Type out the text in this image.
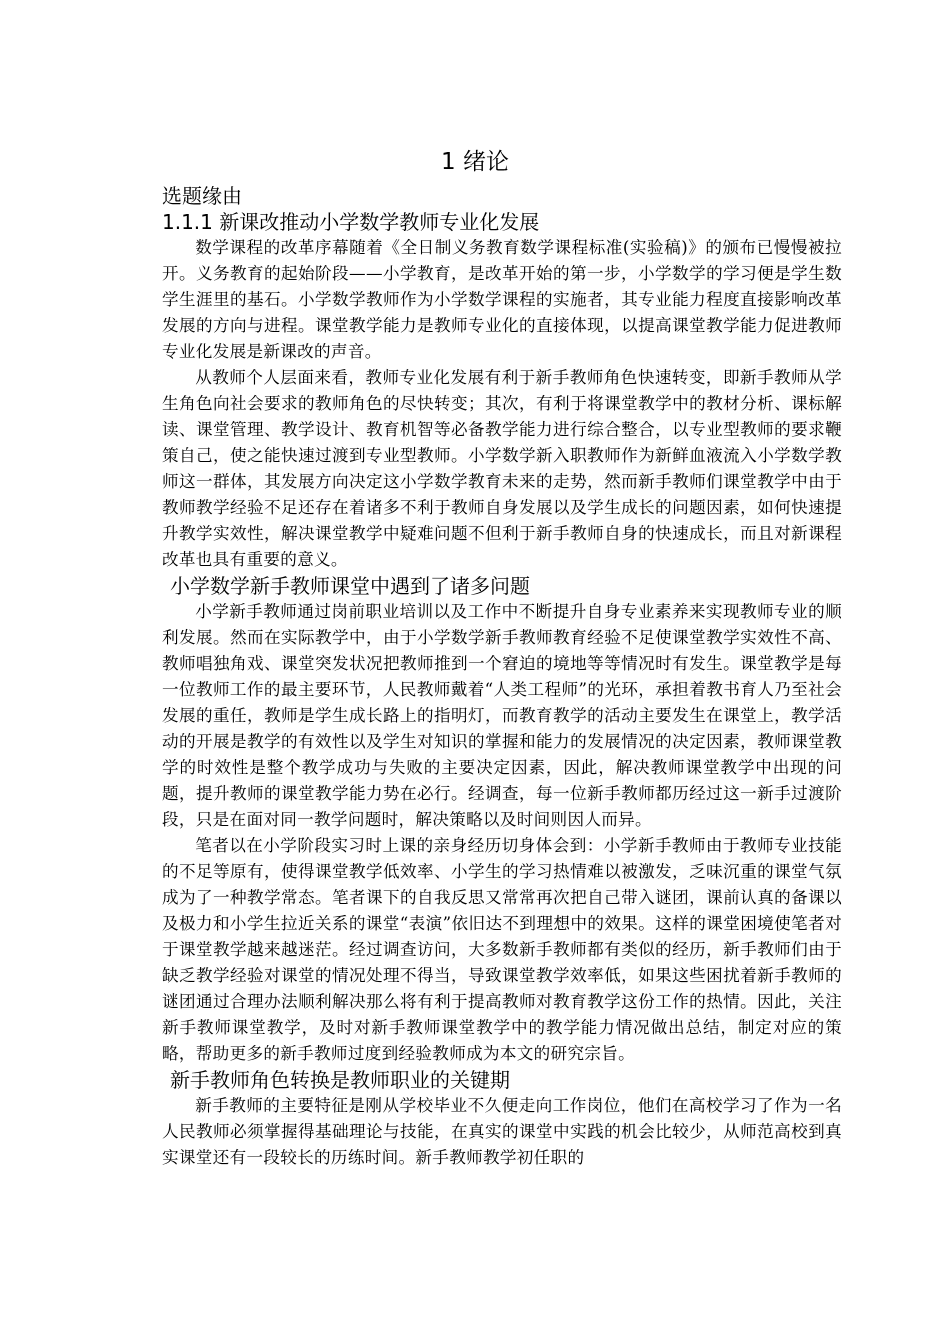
1 绪论
选题缘由
1.1.1 新课改推动小学数学教师专业化发展

数学课程的改革序幕随着《全日制义务教育数学课程标准(实验稿)》的颁布已慢慢被拉开。义务教育的起始阶段——小学教育，是改革开始的第一步，小学数学的学习便是学生数学生涯里的基石。小学数学教师作为小学数学课程的实施者，其专业能力程度直接影响改革发展的方向与进程。课堂教学能力是教师专业化的直接体现，以提高课堂教学能力促进教师专业化发展是新课改的声音。

从教师个人层面来看，教师专业化发展有利于新手教师角色快速转变，即新手教师从学生角色向社会要求的教师角色的尽快转变；其次，有利于将课堂教学中的教材分析、课标解读、课堂管理、教学设计、教育机智等必备教学能力进行综合整合，以专业型教师的要求鞭策自己，使之能快速过渡到专业型教师。小学数学新入职教师作为新鲜血液流入小学数学教师这一群体，其发展方向决定这小学数学教育未来的走势，然而新手教师们课堂教学中由于教师教学经验不足还存在着诸多不利于教师自身发展以及学生成长的问题因素，如何快速提升教学实效性，解决课堂教学中疑难问题不但利于新手教师自身的快速成长，而且对新课程改革也具有重要的意义。

小学数学新手教师课堂中遇到了诸多问题

小学新手教师通过岗前职业培训以及工作中不断提升自身专业素养来实现教师专业的顺利发展。然而在实际教学中，由于小学数学新手教师教育经验不足使课堂教学实效性不高、教师唱独角戏、课堂突发状况把教师推到一个窘迫的境地等等情况时有发生。课堂教学是每一位教师工作的最主要环节，人民教师戴着“人类工程师”的光环，承担着教书育人乃至社会发展的重任，教师是学生成长路上的指明灯，而教育教学的活动主要发生在课堂上，教学活动的开展是教学的有效性以及学生对知识的掌握和能力的发展情况的决定因素，教师课堂教学的时效性是整个教学成功与失败的主要决定因素，因此，解决教师课堂教学中出现的问题，提升教师的课堂教学能力势在必行。经调查，每一位新手教师都历经过这一新手过渡阶段，只是在面对同一教学问题时，解决策略以及时间则因人而异。

笔者以在小学阶段实习时上课的亲身经历切身体会到：小学新手教师由于教师专业技能的不足等原有，使得课堂教学低效率、小学生的学习热情难以被激发，乏味沉重的课堂气氛成为了一种教学常态。笔者课下的自我反思又常常再次把自己带入谜团，课前认真的备课以及极力和小学生拉近关系的课堂“表演”依旧达不到理想中的效果。这样的课堂困境使笔者对于课堂教学越来越迷茫。经过调查访问，大多数新手教师都有类似的经历，新手教师们由于缺乏教学经验对课堂的情况处理不得当，导致课堂教学效率低，如果这些困扰着新手教师的谜团通过合理办法顺利解决那么将有利于提高教师对教育教学这份工作的热情。因此，关注新手教师课堂教学，及时对新手教师课堂教学中的教学能力情况做出总结，制定对应的策略，帮助更多的新手教师过度到经验教师成为本文的研究宗旨。

新手教师角色转换是教师职业的关键期

新手教师的主要特征是刚从学校毕业不久便走向工作岗位，他们在高校学习了作为一名人民教师必须掌握得基础理论与技能，在真实的课堂中实践的机会比较少，从师范高校到真实课堂还有一段较长的历练时间。新手教师教学初任职的
